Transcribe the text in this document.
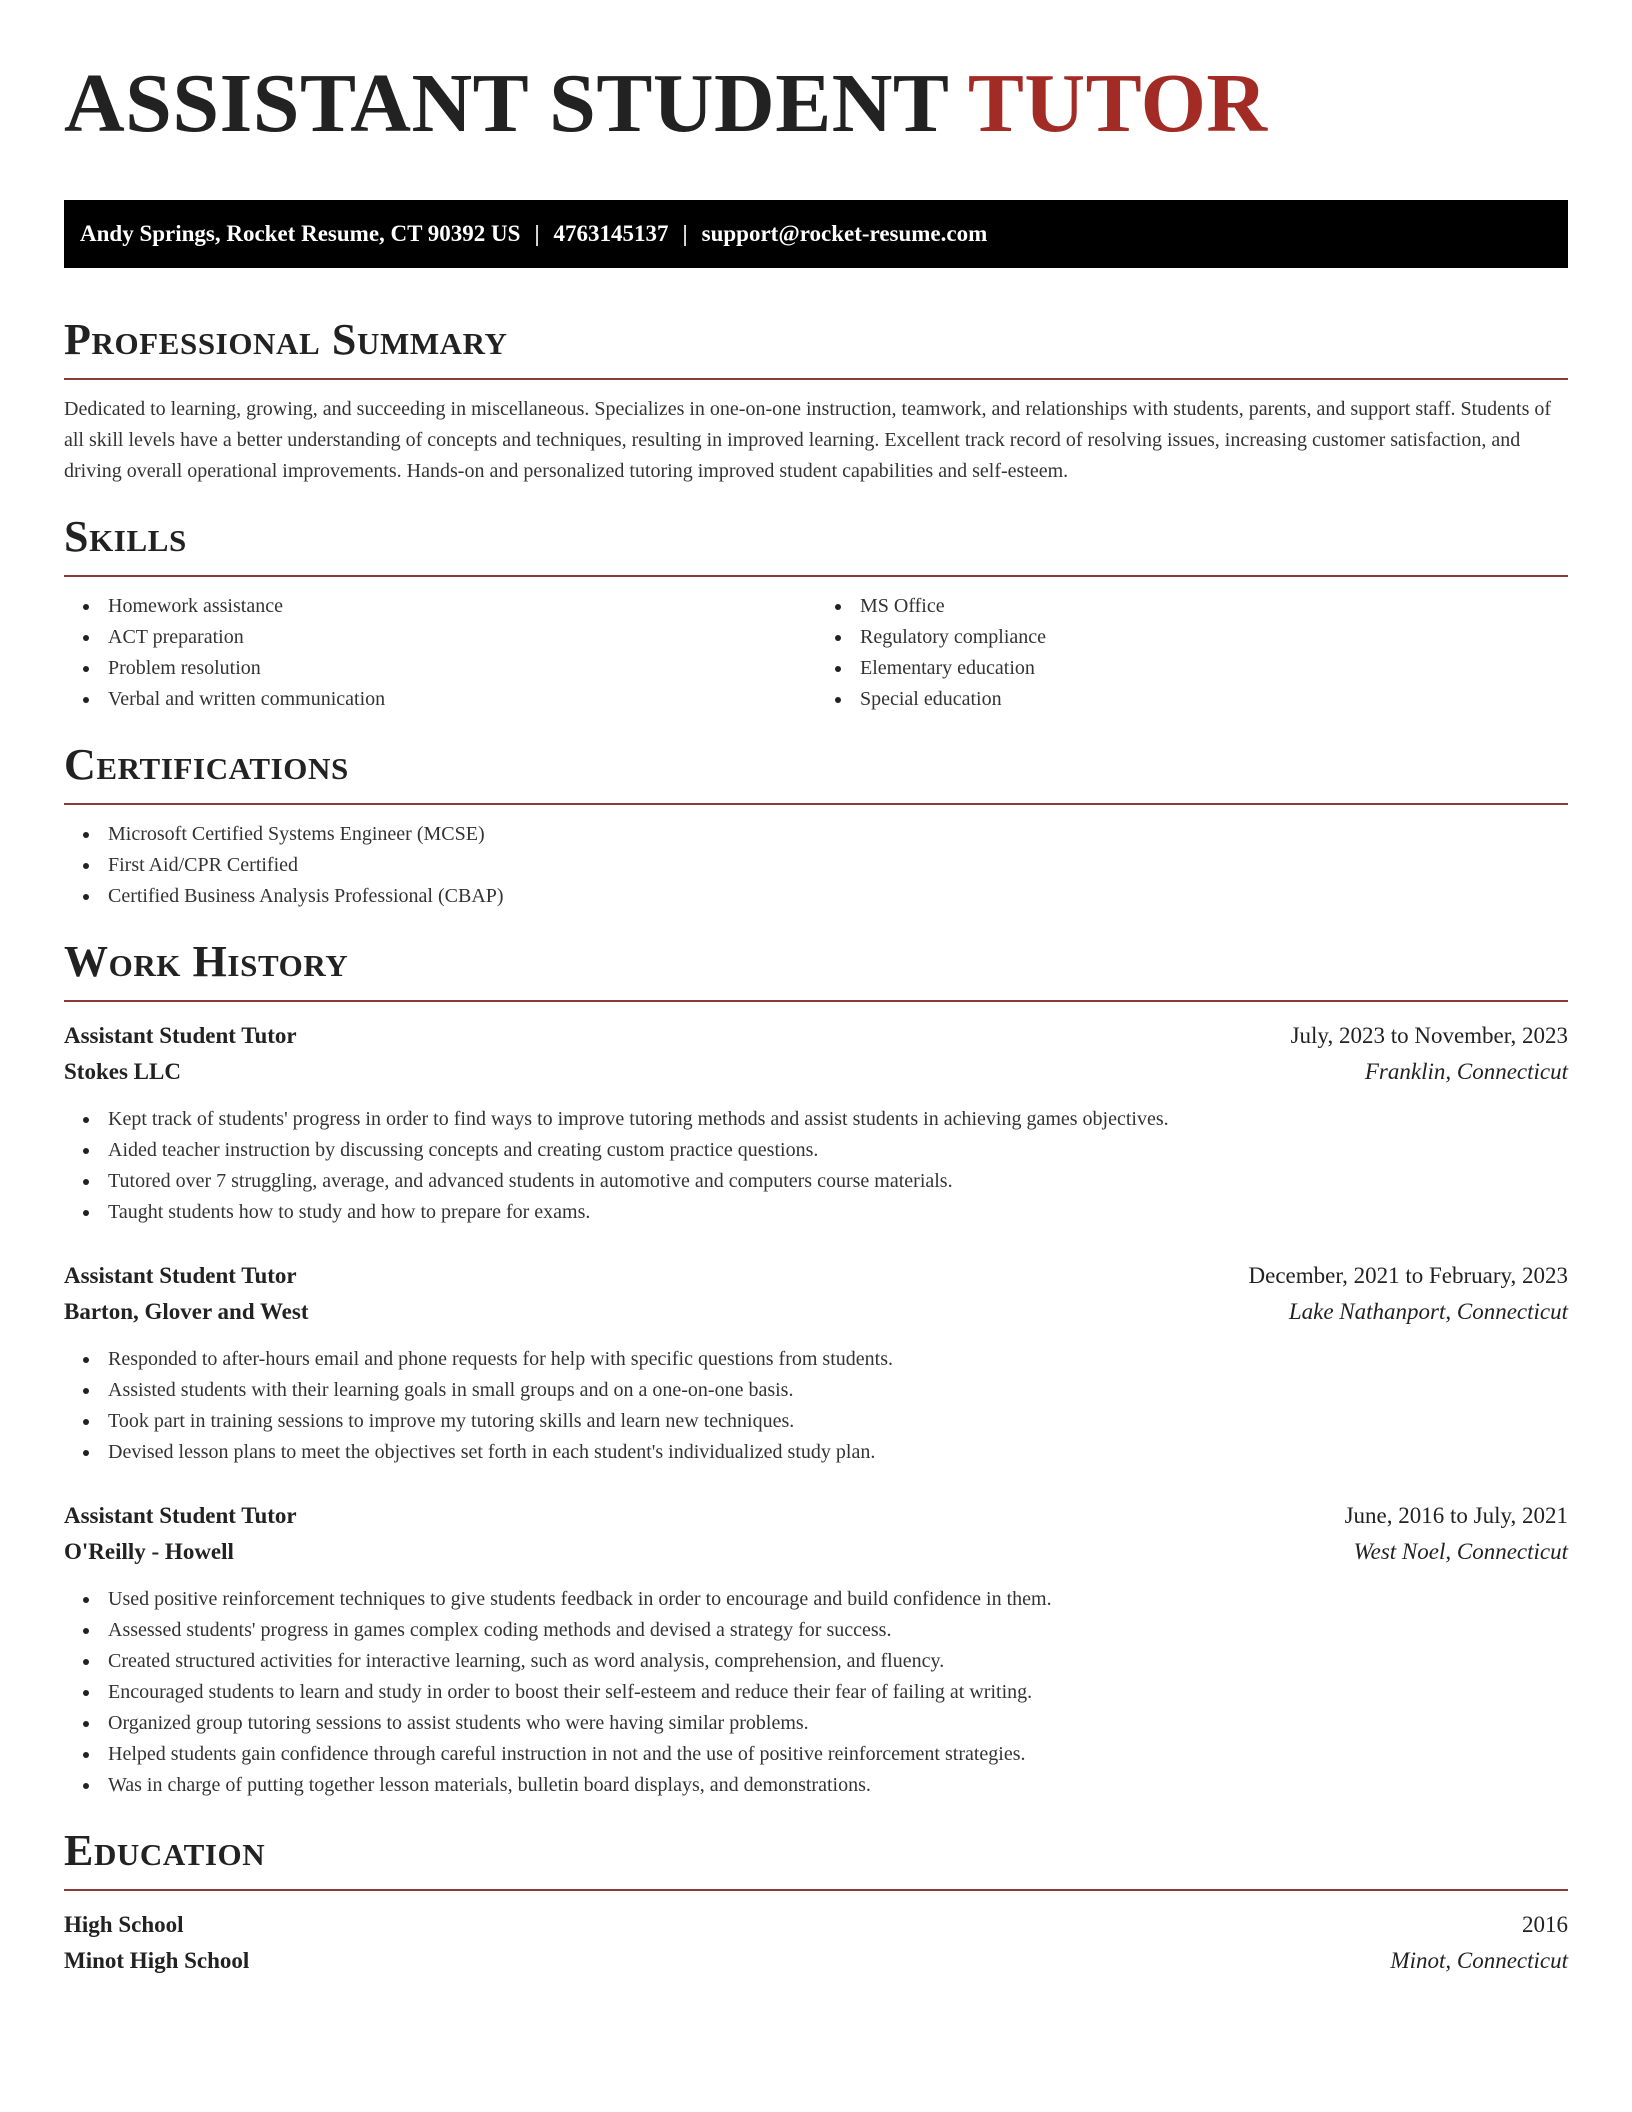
ASSISTANT STUDENT TUTOR
Andy Springs, Rocket Resume, CT 90392 US | 4763145137 | support@rocket-resume.com
Professional Summary

Dedicated to learning, growing, and succeeding in miscellaneous. Specializes in one-on-one instruction, teamwork, and relationships with students, parents, and support staff. Students of all skill levels have a better understanding of concepts and techniques, resulting in improved learning. Excellent track record of resolving issues, increasing customer satisfaction, and driving overall operational improvements. Hands-on and personalized tutoring improved student capabilities and self-esteem.

Skills
Homework assistance
ACT preparation
Problem resolution
Verbal and written communication
MS Office
Regulatory compliance
Elementary education
Special education
Certifications
Microsoft Certified Systems Engineer (MCSE)
First Aid/CPR Certified
Certified Business Analysis Professional (CBAP)
Work History
Assistant Student Tutor	July, 2023 to November, 2023
Stokes LLC	Franklin, Connecticut
Kept track of students' progress in order to find ways to improve tutoring methods and assist students in achieving games objectives.
Aided teacher instruction by discussing concepts and creating custom practice questions.
Tutored over 7 struggling, average, and advanced students in automotive and computers course materials.
Taught students how to study and how to prepare for exams.
Assistant Student Tutor	December, 2021 to February, 2023
Barton, Glover and West	Lake Nathanport, Connecticut
Responded to after-hours email and phone requests for help with specific questions from students.
Assisted students with their learning goals in small groups and on a one-on-one basis.
Took part in training sessions to improve my tutoring skills and learn new techniques.
Devised lesson plans to meet the objectives set forth in each student's individualized study plan.
Assistant Student Tutor	June, 2016 to July, 2021
O'Reilly - Howell	West Noel, Connecticut
Used positive reinforcement techniques to give students feedback in order to encourage and build confidence in them.
Assessed students' progress in games complex coding methods and devised a strategy for success.
Created structured activities for interactive learning, such as word analysis, comprehension, and fluency.
Encouraged students to learn and study in order to boost their self-esteem and reduce their fear of failing at writing.
Organized group tutoring sessions to assist students who were having similar problems.
Helped students gain confidence through careful instruction in not and the use of positive reinforcement strategies.
Was in charge of putting together lesson materials, bulletin board displays, and demonstrations.
Education
High School	2016
Minot High School	Minot, Connecticut
